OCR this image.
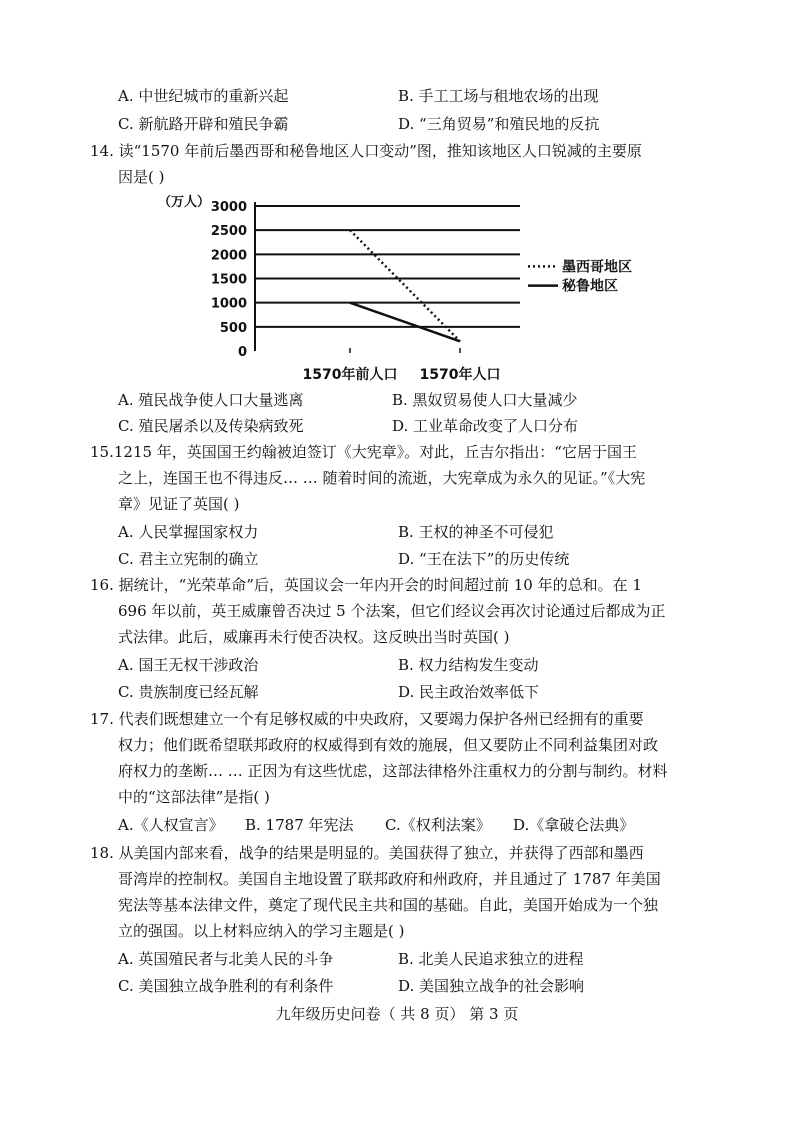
A. 中世纪城市的重新兴起	B. 手工工场与租地农场的出现
C. 新航路开辟和殖民争霸	D. “三角贸易”和殖民地的反抗
14. 读“1570 年前后墨西哥和秘鲁地区人口变动”图，推知该地区人口锐减的主要原
因是( )
0
500
1000
1500
2000
2500
3000
墨西哥地区
秘鲁地区
1570年前人口 1570年人口
（万人）
A. 殖民战争使人口大量逃离	B. 黑奴贸易使人口大量减少
C. 殖民屠杀以及传染病致死	D. 工业革命改变了人口分布
15.1215 年，英国国王约翰被迫签订《大宪章》。对此，丘吉尔指出：“它居于国王
之上，连国王也不得违反… … 随着时间的流逝，大宪章成为永久的见证。”《大宪
章》见证了英国( )
A. 人民掌握国家权力	B. 王权的神圣不可侵犯
C. 君主立宪制的确立	D. “王在法下”的历史传统
16. 据统计，“光荣革命”后，英国议会一年内开会的时间超过前 10 年的总和。在 1
696 年以前，英王威廉曾否决过 5 个法案，但它们经议会再次讨论通过后都成为正
式法律。此后，威廉再未行使否决权。这反映出当时英国( )
A. 国王无权干涉政治	B. 权力结构发生变动
C. 贵族制度已经瓦解	D. 民主政治效率低下
17. 代表们既想建立一个有足够权威的中央政府，又要竭力保护各州已经拥有的重要
权力；他们既希望联邦政府的权威得到有效的施展，但又要防止不同利益集团对政
府权力的垄断… … 正因为有这些忧虑，这部法律格外注重权力的分割与制约。材料
中的“这部法律”是指( )
A.《人权宣言》 B. 1787 年宪法 C.《权利法案》 D.《拿破仑法典》
18. 从美国内部来看，战争的结果是明显的。美国获得了独立，并获得了西部和墨西
哥湾岸的控制权。美国自主地设置了联邦政府和州政府，并且通过了 1787 年美国
宪法等基本法律文件，奠定了现代民主共和国的基础。自此，美国开始成为一个独
立的强国。以上材料应纳入的学习主题是( )
A. 英国殖民者与北美人民的斗争	B. 北美人民追求独立的进程
C. 美国独立战争胜利的有利条件	D. 美国独立战争的社会影响
九年级历史问卷（ 共 8 页） 第 3 页
